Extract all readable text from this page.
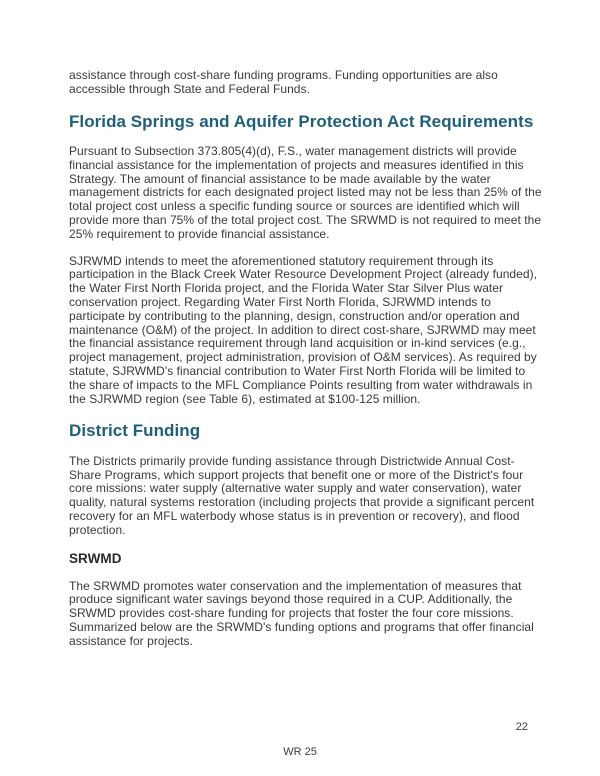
assistance through cost-share funding programs. Funding opportunities are also accessible through State and Federal Funds.

Florida Springs and Aquifer Protection Act Requirements

Pursuant to Subsection 373.805(4)(d), F.S., water management districts will provide financial assistance for the implementation of projects and measures identified in this Strategy. The amount of financial assistance to be made available by the water management districts for each designated project listed may not be less than 25% of the total project cost unless a specific funding source or sources are identified which will provide more than 75% of the total project cost. The SRWMD is not required to meet the 25% requirement to provide financial assistance.

SJRWMD intends to meet the aforementioned statutory requirement through its participation in the Black Creek Water Resource Development Project (already funded), the Water First North Florida project, and the Florida Water Star Silver Plus water conservation project. Regarding Water First North Florida, SJRWMD intends to participate by contributing to the planning, design, construction and/or operation and maintenance (O&M) of the project. In addition to direct cost-share, SJRWMD may meet the financial assistance requirement through land acquisition or in-kind services (e.g., project management, project administration, provision of O&M services). As required by statute, SJRWMD's financial contribution to Water First North Florida will be limited to the share of impacts to the MFL Compliance Points resulting from water withdrawals in the SJRWMD region (see Table 6), estimated at $100-125 million.

District Funding

The Districts primarily provide funding assistance through Districtwide Annual Cost-Share Programs, which support projects that benefit one or more of the District's four core missions: water supply (alternative water supply and water conservation), water quality, natural systems restoration (including projects that provide a significant percent recovery for an MFL waterbody whose status is in prevention or recovery), and flood protection.

SRWMD

The SRWMD promotes water conservation and the implementation of measures that produce significant water savings beyond those required in a CUP. Additionally, the SRWMD provides cost-share funding for projects that foster the four core missions. Summarized below are the SRWMD's funding options and programs that offer financial assistance for projects.

22
WR 25
